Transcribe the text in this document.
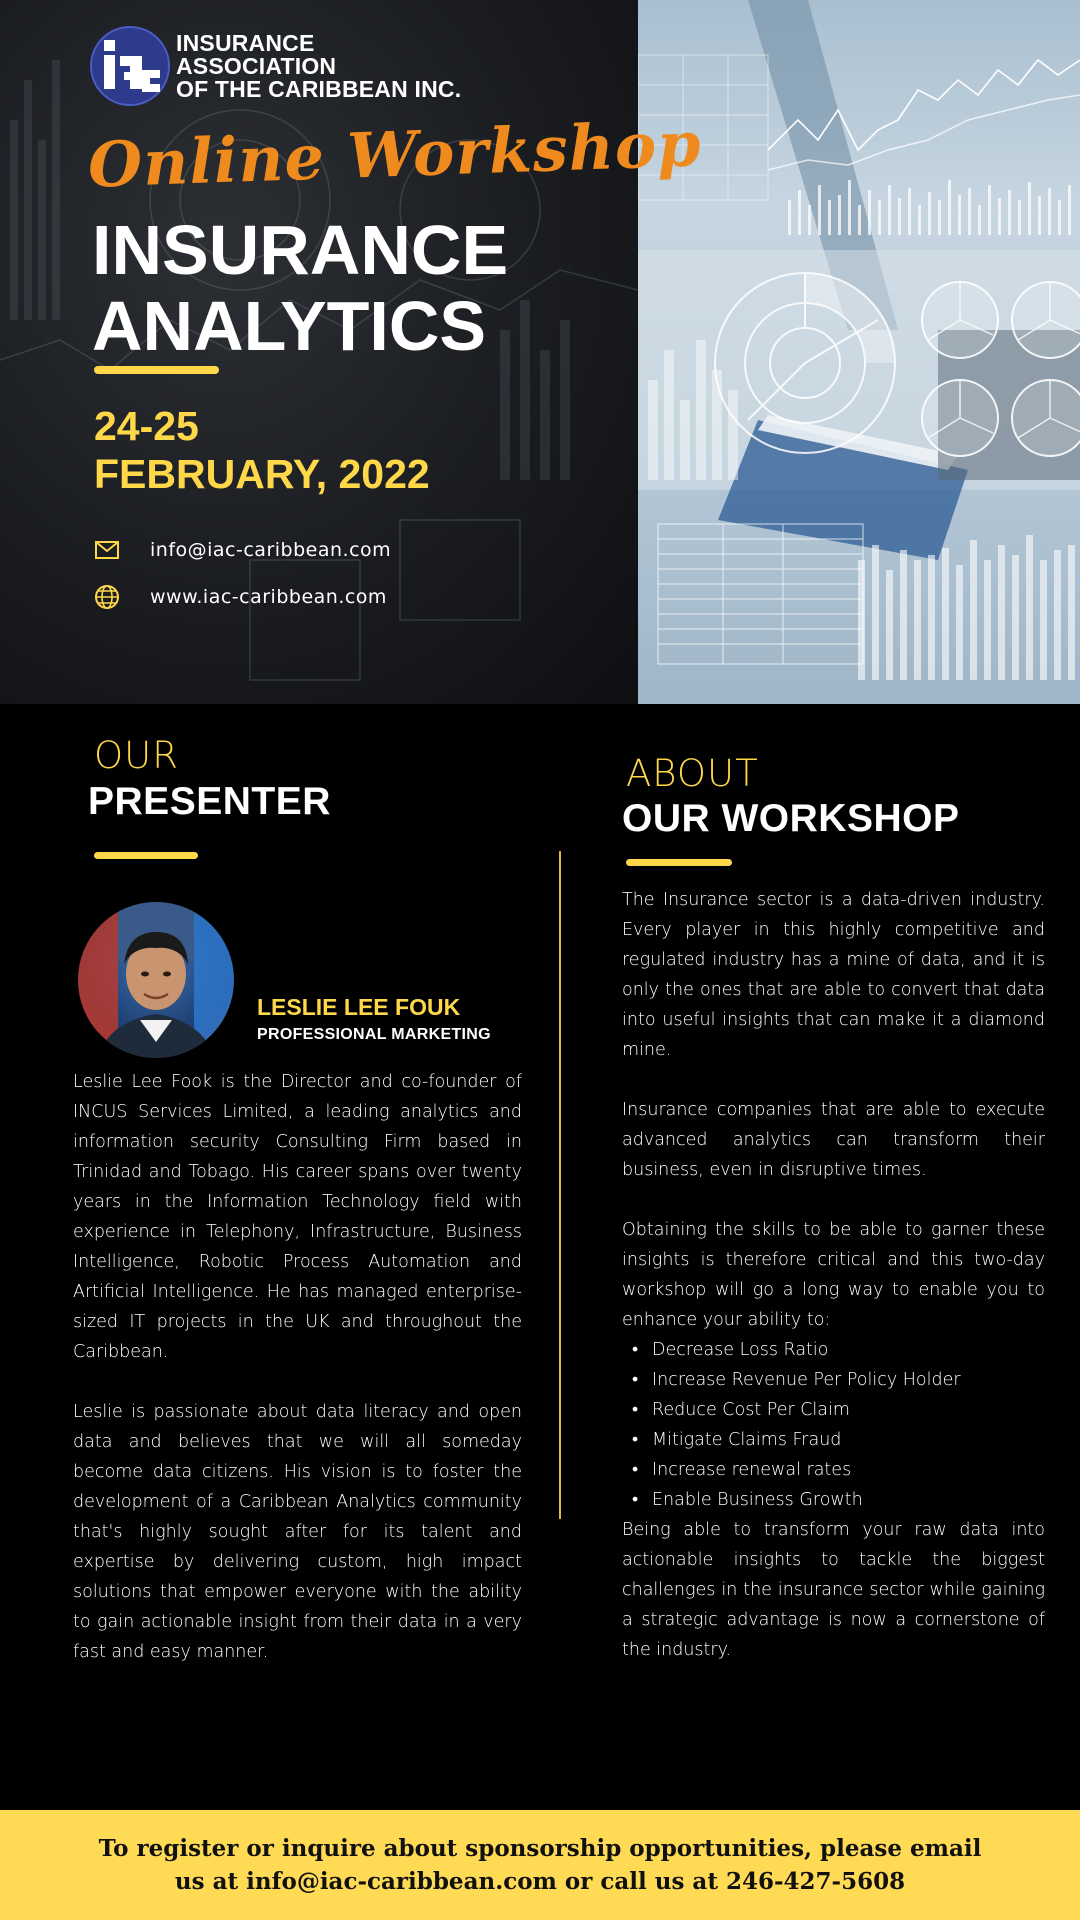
INSURANCE
ASSOCIATION
OF THE CARIBBEAN INC.
Online Workshop
INSURANCE
ANALYTICS
24-25
FEBRUARY, 2022
info@iac-caribbean.com
www.iac-caribbean.com
OUR
PRESENTER
LESLIE LEE FOUK
PROFESSIONAL MARKETING

Leslie Lee Fook is the Director and co-founder of INCUS Services Limited, a leading analytics and information security Consulting Firm based in Trinidad and Tobago. His career spans over twenty years in the Information Technology field with experience in Telephony, Infrastructure, Business Intelligence, Robotic Process Automation and Artificial Intelligence. He has managed enterprise-sized IT projects in the UK and throughout the Caribbean.

Leslie is passionate about data literacy and open data and believes that we will all someday become data citizens. His vision is to foster the development of a Caribbean Analytics community that's highly sought after for its talent and expertise by delivering custom, high impact solutions that empower everyone with the ability to gain actionable insight from their data in a very fast and easy manner.

ABOUT
OUR WORKSHOP

The Insurance sector is a data-driven industry. Every player in this highly competitive and regulated industry has a mine of data, and it is only the ones that are able to convert that data into useful insights that can make it a diamond mine.

Insurance companies that are able to execute advanced analytics can transform their business, even in disruptive times.

Obtaining the skills to be able to garner these insights is therefore critical and this two-day workshop will go a long way to enable you to enhance your ability to:

• Decrease Loss Ratio
• Increase Revenue Per Policy Holder
• Reduce Cost Per Claim
• Mitigate Claims Fraud
• Increase renewal rates
• Enable Business Growth

Being able to transform your raw data into actionable insights to tackle the biggest challenges in the insurance sector while gaining a strategic advantage is now a cornerstone of the industry.

To register or inquire about sponsorship opportunities, please email
us at info@iac-caribbean.com or call us at 246-427-5608
